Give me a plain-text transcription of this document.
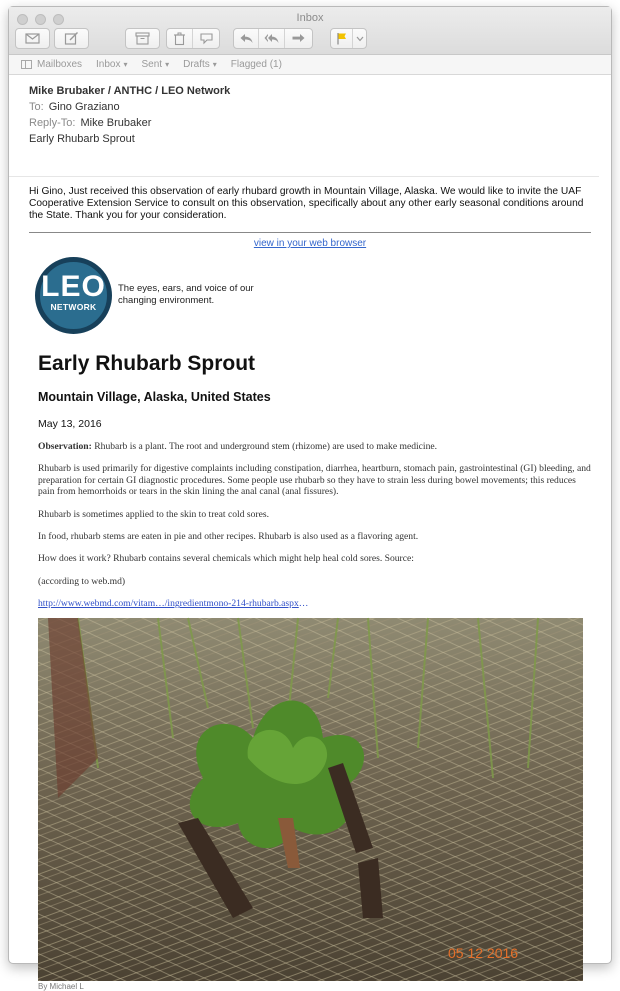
Inbox
Mailboxes Inbox ▾ Sent ▾ Drafts ▾ Flagged (1)
Mike Brubaker / ANTHC / LEO Network
To: Gino Graziano
Reply-To: Mike Brubaker
Early Rhubarb Sprout
Hi Gino, Just received this observation of early rhubard growth in Mountain Village, Alaska. We would like to invite the UAF Cooperative Extension Service to consult on this observation, specifically about any other early seasonal conditions around the State. Thank you for your consideration.
view in your web browser
LEO
NETWORK
The eyes, ears, and voice of our changing environment.
Early Rhubarb Sprout
Mountain Village, Alaska, United States
May 13, 2016
Observation: Rhubarb is a plant. The root and underground stem (rhizome) are used to make medicine.
Rhubarb is used primarily for digestive complaints including constipation, diarrhea, heartburn, stomach pain, gastrointestinal (GI) bleeding, and preparation for certain GI diagnostic procedures. Some people use rhubarb so they have to strain less during bowel movements; this reduces pain from hemorrhoids or tears in the skin lining the anal canal (anal fissures).
Rhubarb is sometimes applied to the skin to treat cold sores.
In food, rhubarb stems are eaten in pie and other recipes. Rhubarb is also used as a flavoring agent.
How does it work? Rhubarb contains several chemicals which might help heal cold sores. Source:
(according to web.md)
http://www.webmd.com/vitam…/ingredientmono-214-rhubarb.aspx…
05 12 2016
By Michael L
